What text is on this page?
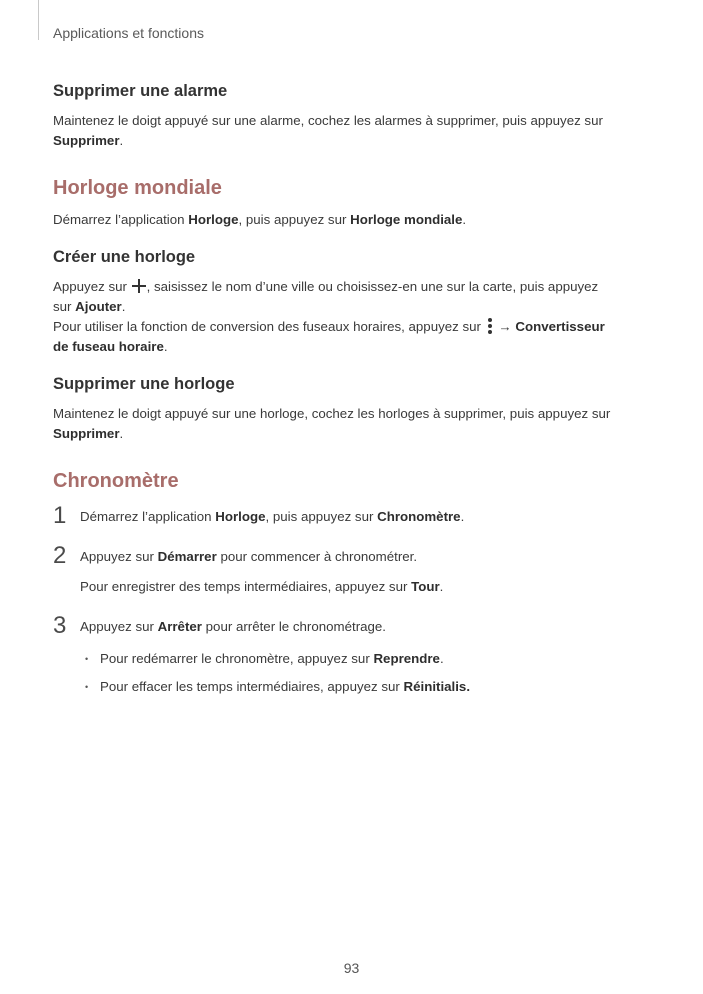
Applications et fonctions
Supprimer une alarme

Maintenez le doigt appuyé sur une alarme, cochez les alarmes à supprimer, puis appuyez sur Supprimer.

Horloge mondiale

Démarrez l’application Horloge, puis appuyez sur Horloge mondiale.

Créer une horloge

Appuyez sur , saisissez le nom d’une ville ou choisissez-en une sur la carte, puis appuyez sur Ajouter.

Pour utiliser la fonction de conversion des fuseaux horaires, appuyez sur
→ Convertisseur de fuseau horaire.

Supprimer une horloge

Maintenez le doigt appuyé sur une horloge, cochez les horloges à supprimer, puis appuyez sur Supprimer.

Chronomètre
1 Démarrez l’application Horloge, puis appuyez sur Chronomètre.

2 Appuyez sur Démarrer pour commencer à chronométrer.

Pour enregistrer des temps intermédiaires, appuyez sur Tour.

3 Appuyez sur Arrêter pour arrêter le chronométrage.

• Pour redémarrer le chronomètre, appuyez sur Reprendre.
• Pour effacer les temps intermédiaires, appuyez sur Réinitialis.
93
